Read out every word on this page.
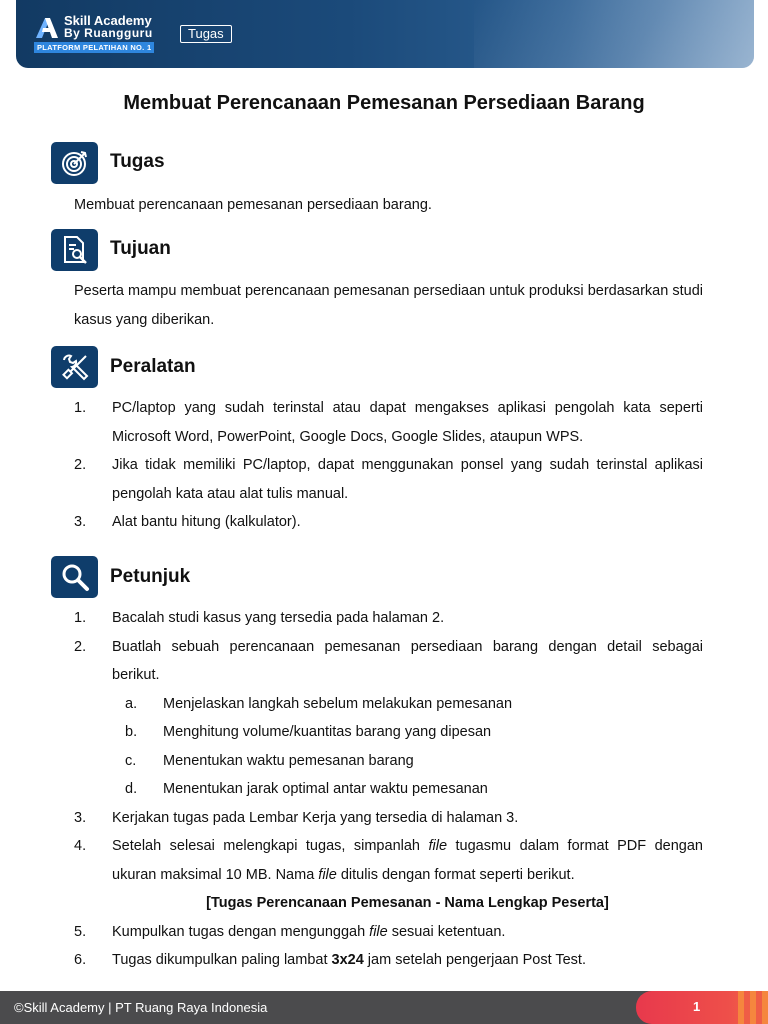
Skill Academy
By Ruangguru
PLATFORM PELATIHAN NO. 1
Tugas
Membuat Perencanaan Pemesanan Persediaan Barang
Tugas
Membuat perencanaan pemesanan persediaan barang.
Tujuan
Peserta mampu membuat perencanaan pemesanan persediaan untuk produksi berdasarkan studi kasus yang diberikan.
Peralatan
1. PC/laptop yang sudah terinstal atau dapat mengakses aplikasi pengolah kata seperti Microsoft Word, PowerPoint, Google Docs, Google Slides, ataupun WPS.
2. Jika tidak memiliki PC/laptop, dapat menggunakan ponsel yang sudah terinstal aplikasi pengolah kata atau alat tulis manual.
3. Alat bantu hitung (kalkulator).
Petunjuk
1. Bacalah studi kasus yang tersedia pada halaman 2.
2. Buatlah sebuah perencanaan pemesanan persediaan barang dengan detail sebagai berikut.
a. Menjelaskan langkah sebelum melakukan pemesanan
b. Menghitung volume/kuantitas barang yang dipesan
c. Menentukan waktu pemesanan barang
d. Menentukan jarak optimal antar waktu pemesanan
3. Kerjakan tugas pada Lembar Kerja yang tersedia di halaman 3.
4. Setelah selesai melengkapi tugas, simpanlah file tugasmu dalam format PDF dengan ukuran maksimal 10 MB. Nama file ditulis dengan format seperti berikut.
[Tugas Perencanaan Pemesanan - Nama Lengkap Peserta]
5. Kumpulkan tugas dengan mengunggah file sesuai ketentuan.
6. Tugas dikumpulkan paling lambat 3x24 jam setelah pengerjaan Post Test.
©Skill Academy | PT Ruang Raya Indonesia	1
